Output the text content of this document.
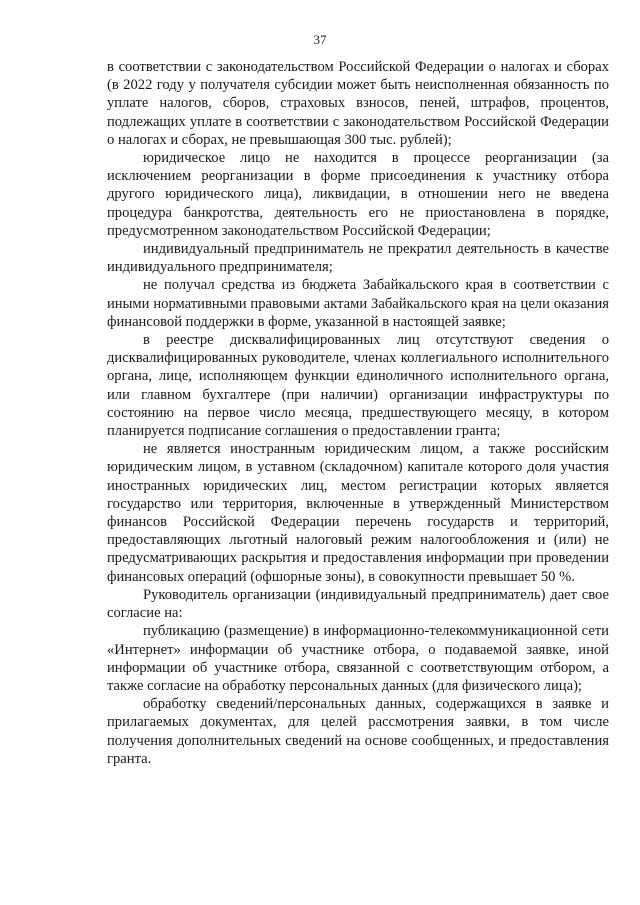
37

в соответствии с законодательством Российской Федерации о налогах и сборах (в 2022 году у получателя субсидии может быть неисполненная обязанность по уплате налогов, сборов, страховых взносов, пеней, штрафов, процентов, подлежащих уплате в соответствии с законодательством Российской Федерации о налогах и сборах, не превышающая 300 тыс. рублей);

юридическое лицо не находится в процессе реорганизации (за исключением реорганизации в форме присоединения к участнику отбора другого юридического лица), ликвидации, в отношении него не введена процедура банкротства, деятельность его не приостановлена в порядке, предусмотренном законодательством Российской Федерации;

индивидуальный предприниматель не прекратил деятельность в качестве индивидуального предпринимателя;

не получал средства из бюджета Забайкальского края в соответствии с иными нормативными правовыми актами Забайкальского края на цели оказания финансовой поддержки в форме, указанной в настоящей заявке;

в реестре дисквалифицированных лиц отсутствуют сведения о дисквалифицированных руководителе, членах коллегиального исполнительного органа, лице, исполняющем функции единоличного исполнительного органа, или главном бухгалтере (при наличии) организации инфраструктуры по состоянию на первое число месяца, предшествующего месяцу, в котором планируется подписание соглашения о предоставлении гранта;

не является иностранным юридическим лицом, а также российским юридическим лицом, в уставном (складочном) капитале которого доля участия иностранных юридических лиц, местом регистрации которых является государство или территория, включенные в утвержденный Министерством финансов Российской Федерации перечень государств и территорий, предоставляющих льготный налоговый режим налогообложения и (или) не предусматривающих раскрытия и предоставления информации при проведении финансовых операций (офшорные зоны), в совокупности превышает 50 %.

Руководитель организации (индивидуальный предприниматель) дает свое согласие на:

публикацию (размещение) в информационно-телекоммуникационной сети «Интернет» информации об участнике отбора, о подаваемой заявке, иной информации об участнике отбора, связанной с соответствующим отбором, а также согласие на обработку персональных данных (для физического лица);

обработку сведений/персональных данных, содержащихся в заявке и прилагаемых документах, для целей рассмотрения заявки, в том числе получения дополнительных сведений на основе сообщенных, и предоставления гранта.
